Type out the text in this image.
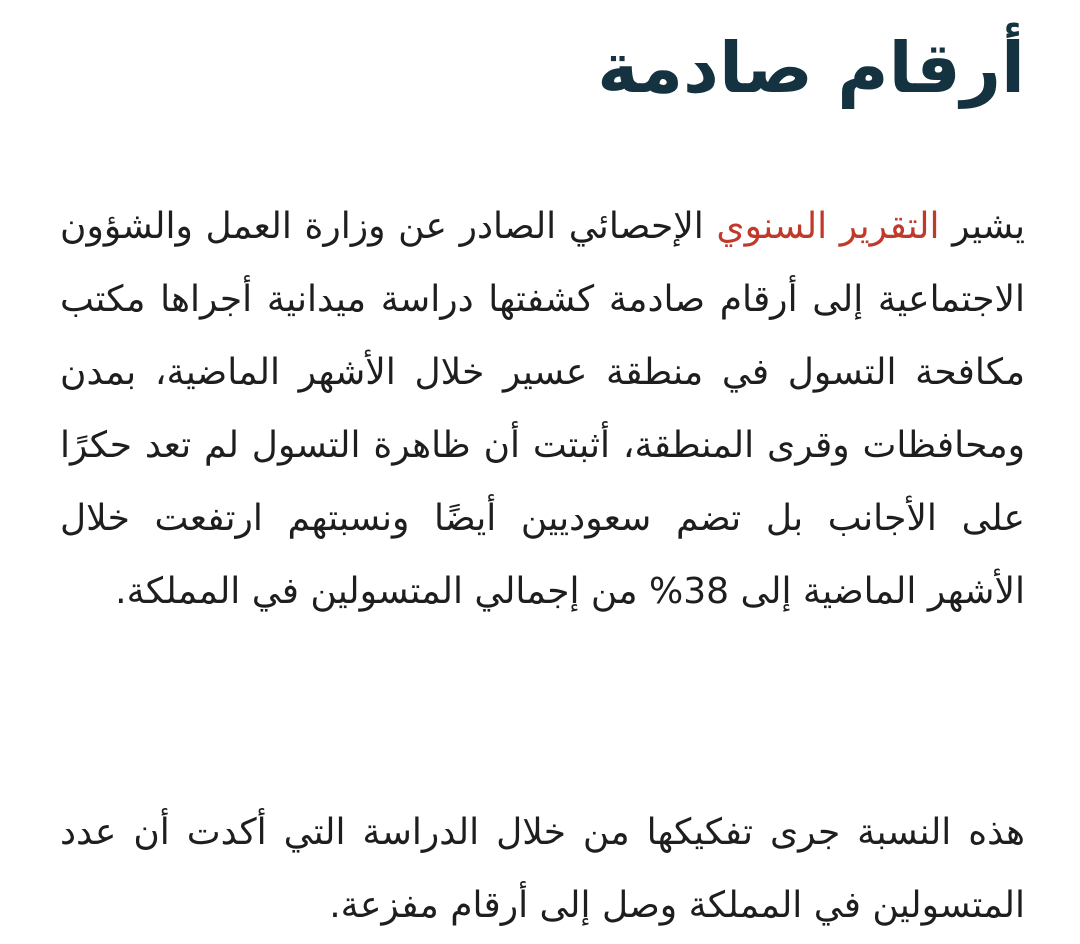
أرقام صادمة

يشير التقرير السنوي الإحصائي الصادر عن وزارة العمل والشؤون الاجتماعية إلى أرقام صادمة كشفتها دراسة ميدانية أجراها مكتب مكافحة التسول في منطقة عسير خلال الأشهر الماضية، بمدن ومحافظات وقرى المنطقة، أثبتت أن ظاهرة التسول لم تعد حكرًا على الأجانب بل تضم سعوديين أيضًا ونسبتهم ارتفعت خلال الأشهر الماضية إلى 38% من إجمالي المتسولين في المملكة.

هذه النسبة جرى تفكيكها من خلال الدراسة التي أكدت أن عدد المتسولين في المملكة وصل إلى أرقام مفزعة.
